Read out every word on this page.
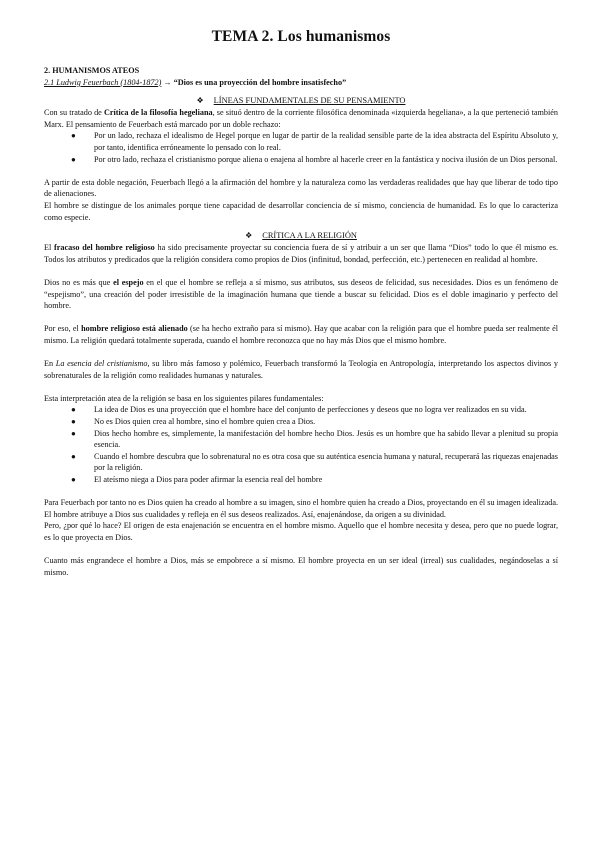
TEMA 2. Los humanismos

2. HUMANISMOS ATEOS

2.1 Ludwig Feuerbach (1804-1872) → “Dios es una proyección del hombre insatisfecho”

❖ LÍNEAS FUNDAMENTALES DE SU PENSAMIENTO

Con su tratado de Crítica de la filosofía hegeliana, se situó dentro de la corriente filosófica denominada «izquierda hegeliana», a la que perteneció también Marx. El pensamiento de Feuerbach está marcado por un doble rechazo:

● Por un lado, rechaza el idealismo de Hegel porque en lugar de partir de la realidad sensible parte de la idea abstracta del Espíritu Absoluto y, por tanto, identifica erróneamente lo pensado con lo real.
● Por otro lado, rechaza el cristianismo porque aliena o enajena al hombre al hacerle creer en la fantástica y nociva ilusión de un Dios personal.

A partir de esta doble negación, Feuerbach llegó a la afirmación del hombre y la naturaleza como las verdaderas realidades que hay que liberar de todo tipo de alienaciones.

El hombre se distingue de los animales porque tiene capacidad de desarrollar conciencia de sí mismo, conciencia de humanidad. Es lo que lo caracteriza como especie.

❖ CRÍTICA A LA RELIGIÓN

El fracaso del hombre religioso ha sido precisamente proyectar su conciencia fuera de sí y atribuir a un ser que llama “Dios” todo lo que él mismo es. Todos los atributos y predicados que la religión considera como propios de Dios (infinitud, bondad, perfección, etc.) pertenecen en realidad al hombre.

Dios no es más que el espejo en el que el hombre se refleja a sí mismo, sus atributos, sus deseos de felicidad, sus necesidades. Dios es un fenómeno de “espejismo”, una creación del poder irresistible de la imaginación humana que tiende a buscar su felicidad. Dios es el doble imaginario y perfecto del hombre.

Por eso, el hombre religioso está alienado (se ha hecho extraño para sí mismo). Hay que acabar con la religión para que el hombre pueda ser realmente él mismo. La religión quedará totalmente superada, cuando el hombre reconozca que no hay más Dios que el mismo hombre.

En La esencia del cristianismo, su libro más famoso y polémico, Feuerbach transformó la Teología en Antropología, interpretando los aspectos divinos y sobrenaturales de la religión como realidades humanas y naturales.

Esta interpretación atea de la religión se basa en los siguientes pilares fundamentales:

● La idea de Dios es una proyección que el hombre hace del conjunto de perfecciones y deseos que no logra ver realizados en su vida.
● No es Dios quien crea al hombre, sino el hombre quien crea a Dios.
● Dios hecho hombre es, simplemente, la manifestación del hombre hecho Dios. Jesús es un hombre que ha sabido llevar a plenitud su propia esencia.
● Cuando el hombre descubra que lo sobrenatural no es otra cosa que su auténtica esencia humana y natural, recuperará las riquezas enajenadas por la religión.
● El ateísmo niega a Dios para poder afirmar la esencia real del hombre

Para Feuerbach por tanto no es Dios quien ha creado al hombre a su imagen, sino el hombre quien ha creado a Dios, proyectando en él su imagen idealizada. El hombre atribuye a Dios sus cualidades y refleja en él sus deseos realizados. Así, enajenándose, da origen a su divinidad.

Pero, ¿por qué lo hace? El origen de esta enajenación se encuentra en el hombre mismo. Aquello que el hombre necesita y desea, pero que no puede lograr, es lo que proyecta en Dios.

Cuanto más engrandece el hombre a Dios, más se empobrece a sí mismo. El hombre proyecta en un ser ideal (irreal) sus cualidades, negándoselas a sí mismo.
